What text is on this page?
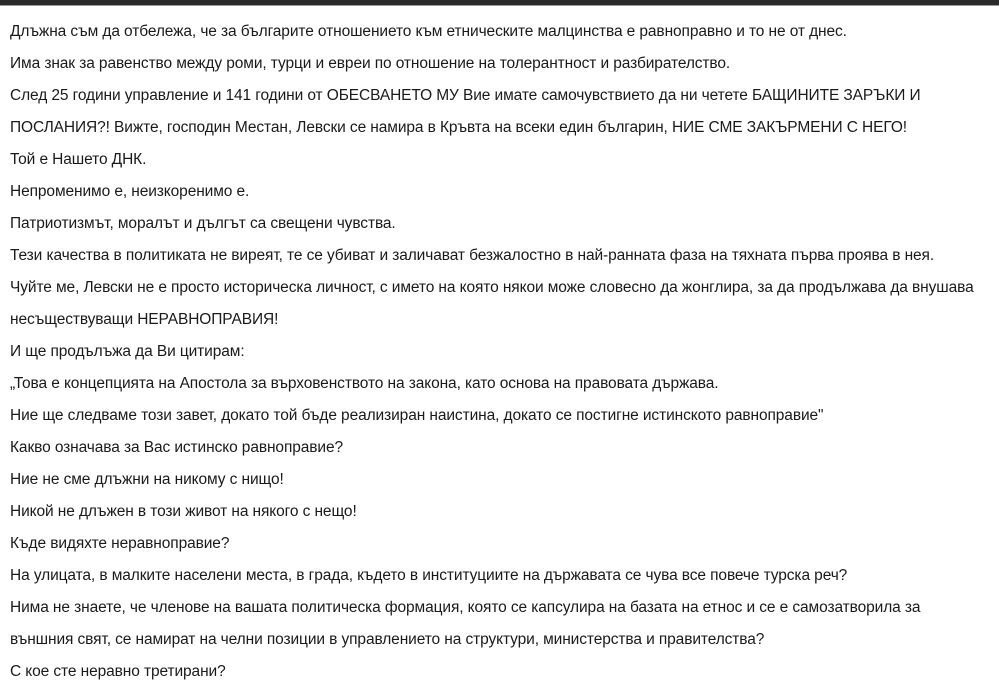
Длъжна съм да отбележа, че за българите отношението към етническите малцинства е равноправно и то не от днес.

Има знак за равенство между роми, турци и евреи по отношение на толерантност и разбирателство.

След 25 години управление и 141 години от ОБЕСВАНЕТО МУ Вие имате самочувствието да ни четете БАЩИНИТЕ ЗАРЪКИ И

ПОСЛАНИЯ?! Вижте, господин Местан, Левски се намира в Кръвта на всеки един българин, НИЕ СМЕ ЗАКЪРМЕНИ С НЕГО!

Той е Нашето ДНК.

Непроменимо е, неизкоренимо е.

Патриотизмът, моралът и дългът са свещени чувства.

Тези качества в политиката не виреят, те се убиват и заличават безжалостно в най-ранната фаза на тяхната първа проява в нея.

Чуйте ме, Левски не е просто историческа личност, с името на която някои може словесно да жонглира, за да продължава да внушава

несъществуващи НЕРАВНОПРАВИЯ!

И ще продълъжа да Ви цитирам:

„Това е концепцията на Апостола за върховенството на закона, като основа на правовата държава.

Ние ще следваме този завет, докато той бъде реализиран наистина, докато се постигне истинското равноправие"

Какво означава за Вас истинско равноправие?

Ние не сме длъжни на никому с нищо!

Никой не длъжен в този живот на някого с нещо!

Къде видяхте неравноправие?

На улицата, в малките населени места, в града, където в институциите на държавата се чува все повече турска реч?

Нима не знаете, че членове на вашата политическа формация, която се капсулира на базата на етнос и се е самозатворила за

външния свят, се намират на челни позиции в управлението на структури, министерства и правителства?

С кое сте неравно третирани?
